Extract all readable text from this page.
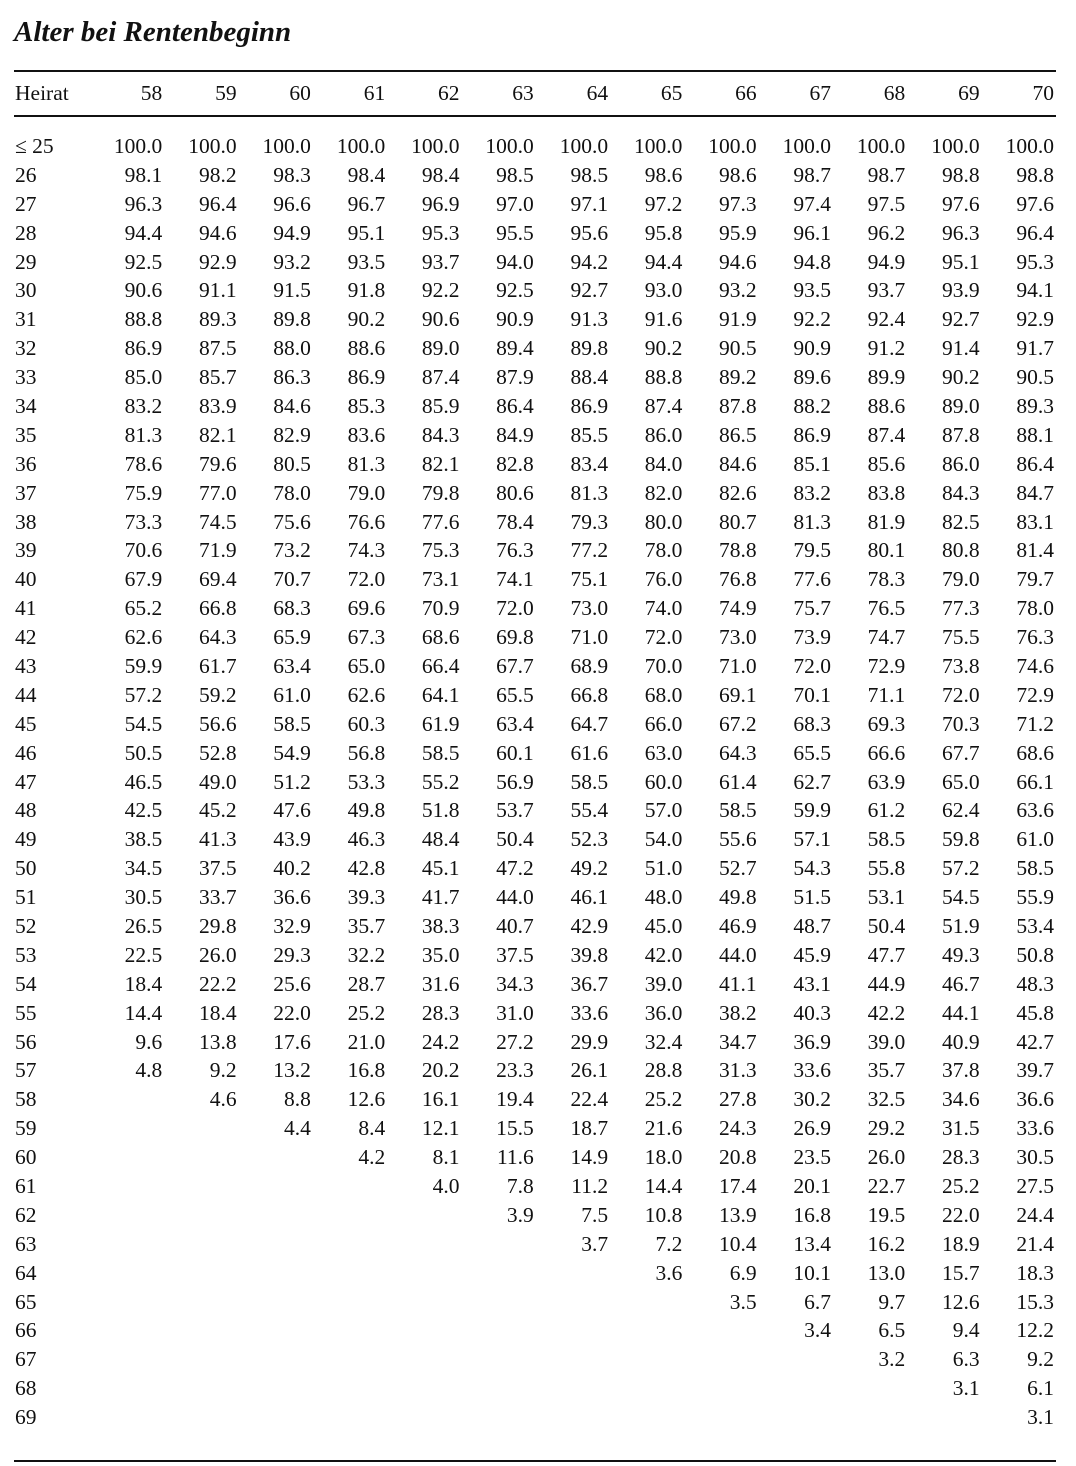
Alter bei Rentenbeginn
Heirat	58	59	60	61	62	63	64	65	66	67	68	69	70

≤ 25	100.0	100.0	100.0	100.0	100.0	100.0	100.0	100.0	100.0	100.0	100.0	100.0	100.0
26	98.1	98.2	98.3	98.4	98.4	98.5	98.5	98.6	98.6	98.7	98.7	98.8	98.8
27	96.3	96.4	96.6	96.7	96.9	97.0	97.1	97.2	97.3	97.4	97.5	97.6	97.6
28	94.4	94.6	94.9	95.1	95.3	95.5	95.6	95.8	95.9	96.1	96.2	96.3	96.4
29	92.5	92.9	93.2	93.5	93.7	94.0	94.2	94.4	94.6	94.8	94.9	95.1	95.3
30	90.6	91.1	91.5	91.8	92.2	92.5	92.7	93.0	93.2	93.5	93.7	93.9	94.1
31	88.8	89.3	89.8	90.2	90.6	90.9	91.3	91.6	91.9	92.2	92.4	92.7	92.9
32	86.9	87.5	88.0	88.6	89.0	89.4	89.8	90.2	90.5	90.9	91.2	91.4	91.7
33	85.0	85.7	86.3	86.9	87.4	87.9	88.4	88.8	89.2	89.6	89.9	90.2	90.5
34	83.2	83.9	84.6	85.3	85.9	86.4	86.9	87.4	87.8	88.2	88.6	89.0	89.3
35	81.3	82.1	82.9	83.6	84.3	84.9	85.5	86.0	86.5	86.9	87.4	87.8	88.1
36	78.6	79.6	80.5	81.3	82.1	82.8	83.4	84.0	84.6	85.1	85.6	86.0	86.4
37	75.9	77.0	78.0	79.0	79.8	80.6	81.3	82.0	82.6	83.2	83.8	84.3	84.7
38	73.3	74.5	75.6	76.6	77.6	78.4	79.3	80.0	80.7	81.3	81.9	82.5	83.1
39	70.6	71.9	73.2	74.3	75.3	76.3	77.2	78.0	78.8	79.5	80.1	80.8	81.4
40	67.9	69.4	70.7	72.0	73.1	74.1	75.1	76.0	76.8	77.6	78.3	79.0	79.7
41	65.2	66.8	68.3	69.6	70.9	72.0	73.0	74.0	74.9	75.7	76.5	77.3	78.0
42	62.6	64.3	65.9	67.3	68.6	69.8	71.0	72.0	73.0	73.9	74.7	75.5	76.3
43	59.9	61.7	63.4	65.0	66.4	67.7	68.9	70.0	71.0	72.0	72.9	73.8	74.6
44	57.2	59.2	61.0	62.6	64.1	65.5	66.8	68.0	69.1	70.1	71.1	72.0	72.9
45	54.5	56.6	58.5	60.3	61.9	63.4	64.7	66.0	67.2	68.3	69.3	70.3	71.2
46	50.5	52.8	54.9	56.8	58.5	60.1	61.6	63.0	64.3	65.5	66.6	67.7	68.6
47	46.5	49.0	51.2	53.3	55.2	56.9	58.5	60.0	61.4	62.7	63.9	65.0	66.1
48	42.5	45.2	47.6	49.8	51.8	53.7	55.4	57.0	58.5	59.9	61.2	62.4	63.6
49	38.5	41.3	43.9	46.3	48.4	50.4	52.3	54.0	55.6	57.1	58.5	59.8	61.0
50	34.5	37.5	40.2	42.8	45.1	47.2	49.2	51.0	52.7	54.3	55.8	57.2	58.5
51	30.5	33.7	36.6	39.3	41.7	44.0	46.1	48.0	49.8	51.5	53.1	54.5	55.9
52	26.5	29.8	32.9	35.7	38.3	40.7	42.9	45.0	46.9	48.7	50.4	51.9	53.4
53	22.5	26.0	29.3	32.2	35.0	37.5	39.8	42.0	44.0	45.9	47.7	49.3	50.8
54	18.4	22.2	25.6	28.7	31.6	34.3	36.7	39.0	41.1	43.1	44.9	46.7	48.3
55	14.4	18.4	22.0	25.2	28.3	31.0	33.6	36.0	38.2	40.3	42.2	44.1	45.8
56	9.6	13.8	17.6	21.0	24.2	27.2	29.9	32.4	34.7	36.9	39.0	40.9	42.7
57	4.8	9.2	13.2	16.8	20.2	23.3	26.1	28.8	31.3	33.6	35.7	37.8	39.7
58		4.6	8.8	12.6	16.1	19.4	22.4	25.2	27.8	30.2	32.5	34.6	36.6
59			4.4	8.4	12.1	15.5	18.7	21.6	24.3	26.9	29.2	31.5	33.6
60				4.2	8.1	11.6	14.9	18.0	20.8	23.5	26.0	28.3	30.5
61					4.0	7.8	11.2	14.4	17.4	20.1	22.7	25.2	27.5
62						3.9	7.5	10.8	13.9	16.8	19.5	22.0	24.4
63							3.7	7.2	10.4	13.4	16.2	18.9	21.4
64								3.6	6.9	10.1	13.0	15.7	18.3
65									3.5	6.7	9.7	12.6	15.3
66										3.4	6.5	9.4	12.2
67											3.2	6.3	9.2
68												3.1	6.1
69													3.1
